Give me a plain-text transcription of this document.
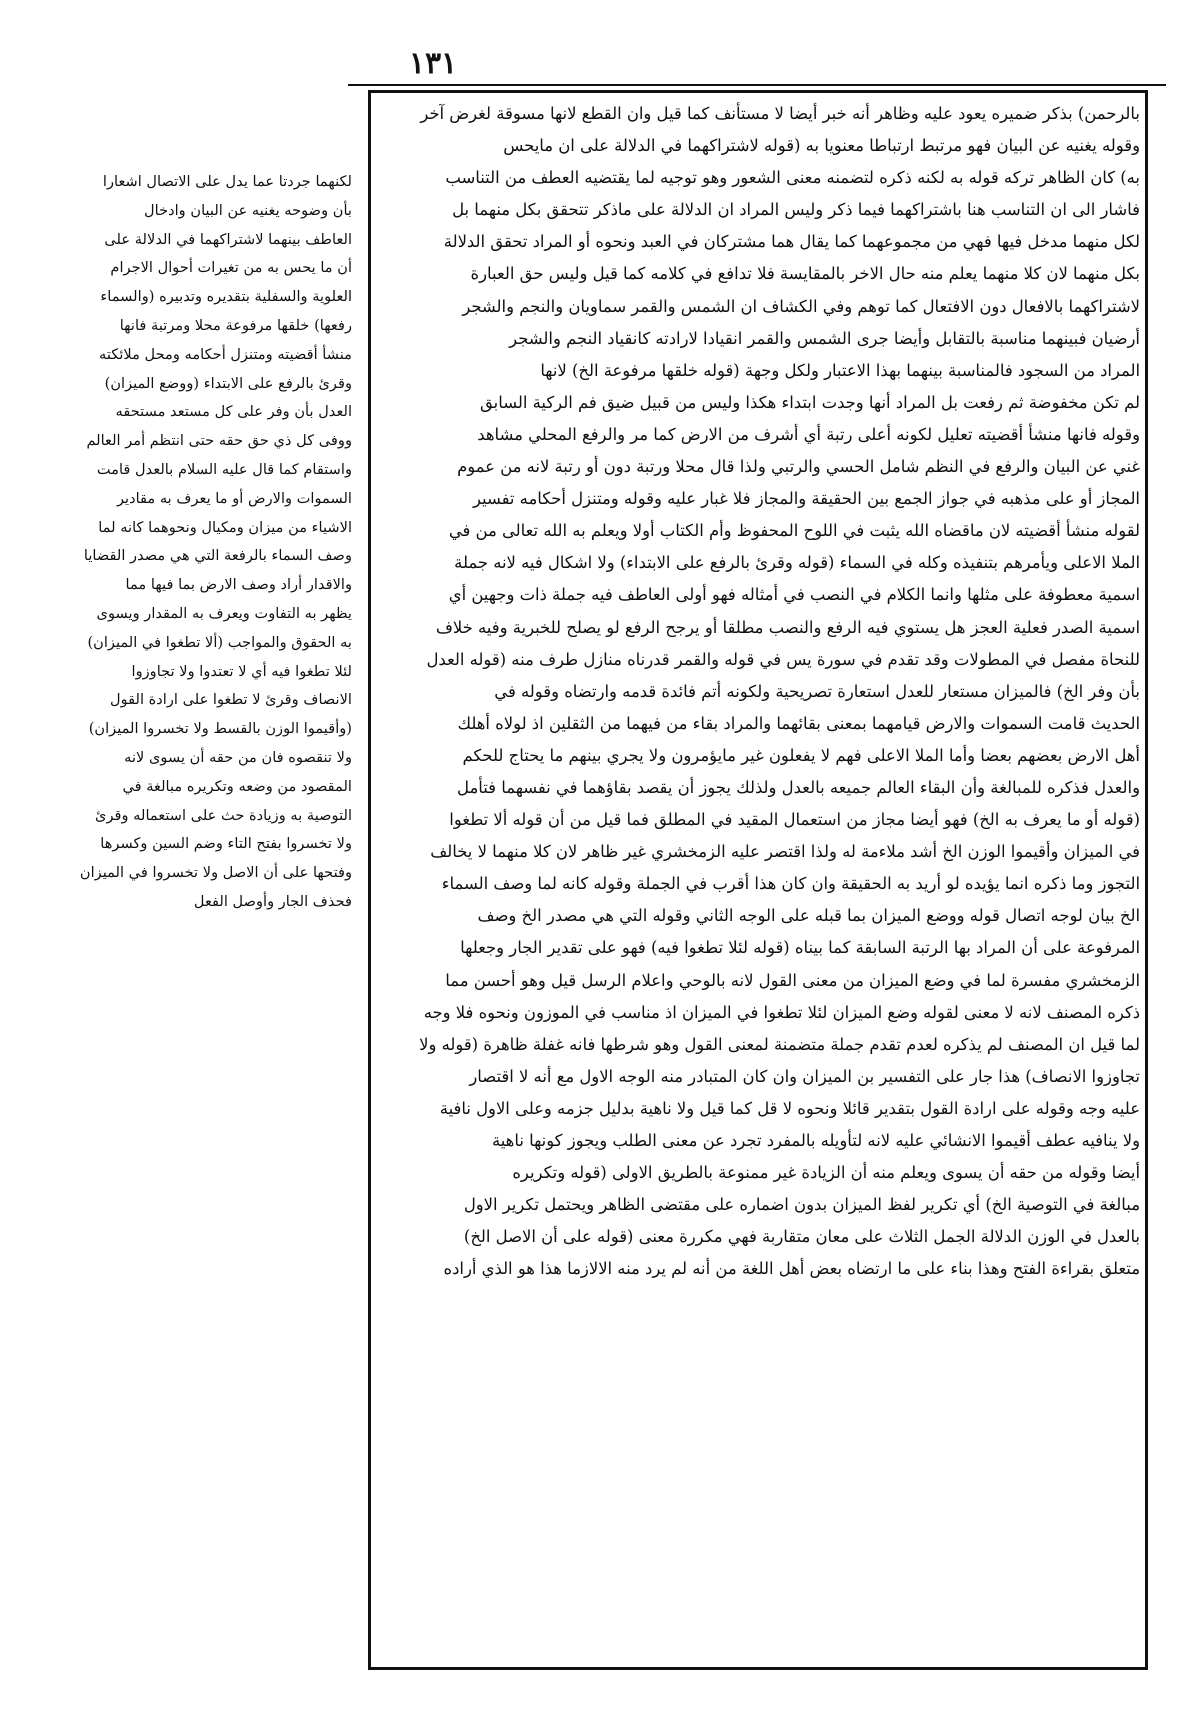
١٣١
بالرحمن) بذكر ضميره يعود عليه وظاهر أنه خبر أيضا لا مستأنف كما قيل وان القطع لانها مسوقة لغرض آخر
وقوله يغنيه عن البيان فهو مرتبط ارتباطا معنويا به (قوله لاشتراكهما في الدلالة على ان مايحس
به) كان الظاهر تركه قوله به لكنه ذكره لتضمنه معنى الشعور وهو توجيه لما يقتضيه العطف من التناسب
فاشار الى ان التناسب هنا باشتراكهما فيما ذكر وليس المراد ان الدلالة على ماذكر تتحقق بكل منهما بل
لكل منهما مدخل فيها فهي من مجموعهما كما يقال هما مشتركان في العبد ونحوه أو المراد تحقق الدلالة
بكل منهما لان كلا منهما يعلم منه حال الاخر بالمقايسة فلا تدافع في كلامه كما قيل وليس حق العبارة
لاشتراكهما بالافعال دون الافتعال كما توهم وفي الكشاف ان الشمس والقمر سماويان والنجم والشجر
أرضيان فبينهما مناسبة بالتقابل وأيضا جرى الشمس والقمر انقيادا لارادته كانقياد النجم والشجر
المراد من السجود فالمناسبة بينهما بهذا الاعتبار ولكل وجهة (قوله خلقها مرفوعة الخ) لانها
لم تكن مخفوضة ثم رفعت بل المراد أنها وجدت ابتداء هكذا وليس من قبيل ضيق فم الركية السابق
وقوله فانها منشأ أقضيته تعليل لكونه أعلى رتبة أي أشرف من الارض كما مر والرفع المحلي مشاهد
غني عن البيان والرفع في النظم شامل الحسي والرتبي ولذا قال محلا ورتبة دون أو رتبة لانه من عموم
المجاز أو على مذهبه في جواز الجمع بين الحقيقة والمجاز فلا غبار عليه وقوله ومتنزل أحكامه تفسير
لقوله منشأ أقضيته لان ماقضاه الله يثبت في اللوح المحفوظ وأم الكتاب أولا ويعلم به الله تعالى من في
الملا الاعلى ويأمرهم بتنفيذه وكله في السماء (قوله وقرئ بالرفع على الابتداء) ولا اشكال فيه لانه جملة
اسمية معطوفة على مثلها وانما الكلام في النصب في أمثاله فهو أولى العاطف فيه جملة ذات وجهين أي
اسمية الصدر فعلية العجز هل يستوي فيه الرفع والنصب مطلقا أو يرجح الرفع لو يصلح للخبرية وفيه خلاف
للنحاة مفصل في المطولات وقد تقدم في سورة يس في قوله والقمر قدرناه منازل طرف منه (قوله العدل
بأن وفر الخ) فالميزان مستعار للعدل استعارة تصريحية ولكونه أتم فائدة قدمه وارتضاه وقوله في
الحديث قامت السموات والارض قيامهما بمعنى بقائهما والمراد بقاء من فيهما من الثقلين اذ لولاه أهلك
أهل الارض بعضهم بعضا وأما الملا الاعلى فهم لا يفعلون غير مايؤمرون ولا يجري بينهم ما يحتاج للحكم
والعدل فذكره للمبالغة وأن البقاء العالم جميعه بالعدل ولذلك يجوز أن يقصد بقاؤهما في نفسهما فتأمل
(قوله أو ما يعرف به الخ) فهو أيضا مجاز من استعمال المقيد في المطلق فما قيل من أن قوله ألا تطغوا
في الميزان وأقيموا الوزن الخ أشد ملاءمة له ولذا اقتصر عليه الزمخشري غير ظاهر لان كلا منهما لا يخالف
التجوز وما ذكره انما يؤيده لو أريد به الحقيقة وان كان هذا أقرب في الجملة وقوله كانه لما وصف السماء
الخ بيان لوجه اتصال قوله ووضع الميزان بما قبله على الوجه الثاني وقوله التي هي مصدر الخ وصف
المرفوعة على أن المراد بها الرتبة السابقة كما بيناه (قوله لئلا تطغوا فيه) فهو على تقدير الجار وجعلها
الزمخشري مفسرة لما في وضع الميزان من معنى القول لانه بالوحي واعلام الرسل قيل وهو أحسن مما
ذكره المصنف لانه لا معنى لقوله وضع الميزان لئلا تطغوا في الميزان اذ مناسب في الموزون ونحوه فلا وجه
لما قيل ان المصنف لم يذكره لعدم تقدم جملة متضمنة لمعنى القول وهو شرطها فانه غفلة ظاهرة (قوله ولا
تجاوزوا الانصاف) هذا جار على التفسير بن الميزان وان كان المتبادر منه الوجه الاول مع أنه لا اقتصار
عليه وجه وقوله على ارادة القول بتقدير قائلا ونحوه لا قل كما قيل ولا ناهية بدليل جزمه وعلى الاول نافية
ولا ينافيه عطف أقيموا الانشائي عليه لانه لتأويله بالمفرد تجرد عن معنى الطلب ويجوز كونها ناهية
أيضا وقوله من حقه أن يسوى ويعلم منه أن الزيادة غير ممنوعة بالطريق الاولى (قوله وتكريره
مبالغة في التوصية الخ) أي تكرير لفظ الميزان بدون اضماره على مقتضى الظاهر ويحتمل تكرير الاول
بالعدل في الوزن الدلالة الجمل الثلاث على معان متقاربة فهي مكررة معنى (قوله على أن الاصل الخ)
متعلق بقراءة الفتح وهذا بناء على ما ارتضاه بعض أهل اللغة من أنه لم يرد منه الالازما هذا هو الذي أراده
لكنهما جردتا عما يدل على الاتصال اشعارا
بأن وضوحه يغنيه عن البيان وادخال
العاطف بينهما لاشتراكهما في الدلالة على
أن ما يحس به من تغيرات أحوال الاجرام
العلوية والسفلية بتقديره وتدبيره (والسماء
رفعها) خلقها مرفوعة محلا ومرتبة فانها
منشأ أقضيته ومتنزل أحكامه ومحل ملائكته
وقرئ بالرفع على الابتداء (ووضع الميزان)
العدل بأن وفر على كل مستعد مستحقه
ووفى كل ذي حق حقه حتى انتظم أمر العالم
واستقام كما قال عليه السلام بالعدل قامت
السموات والارض أو ما يعرف به مقادير
الاشياء من ميزان ومكيال ونحوهما كانه لما
وصف السماء بالرفعة التي هي مصدر القضايا
والاقدار أراد وصف الارض بما فيها مما
يظهر به التفاوت ويعرف به المقدار ويسوى
به الحقوق والمواجب (ألا تطغوا في الميزان)
لئلا تطغوا فيه أي لا تعتدوا ولا تجاوزوا
الانصاف وقرئ لا تطغوا على ارادة القول
(وأقيموا الوزن بالقسط ولا تخسروا الميزان)
ولا تنقصوه فان من حقه أن يسوى لانه
المقصود من وضعه وتكريره مبالغة في
التوصية به وزيادة حث على استعماله وقرئ
ولا تخسروا بفتح التاء وضم السين وكسرها
وفتحها على أن الاصل ولا تخسروا في الميزان
فحذف الجار وأوصل الفعل
